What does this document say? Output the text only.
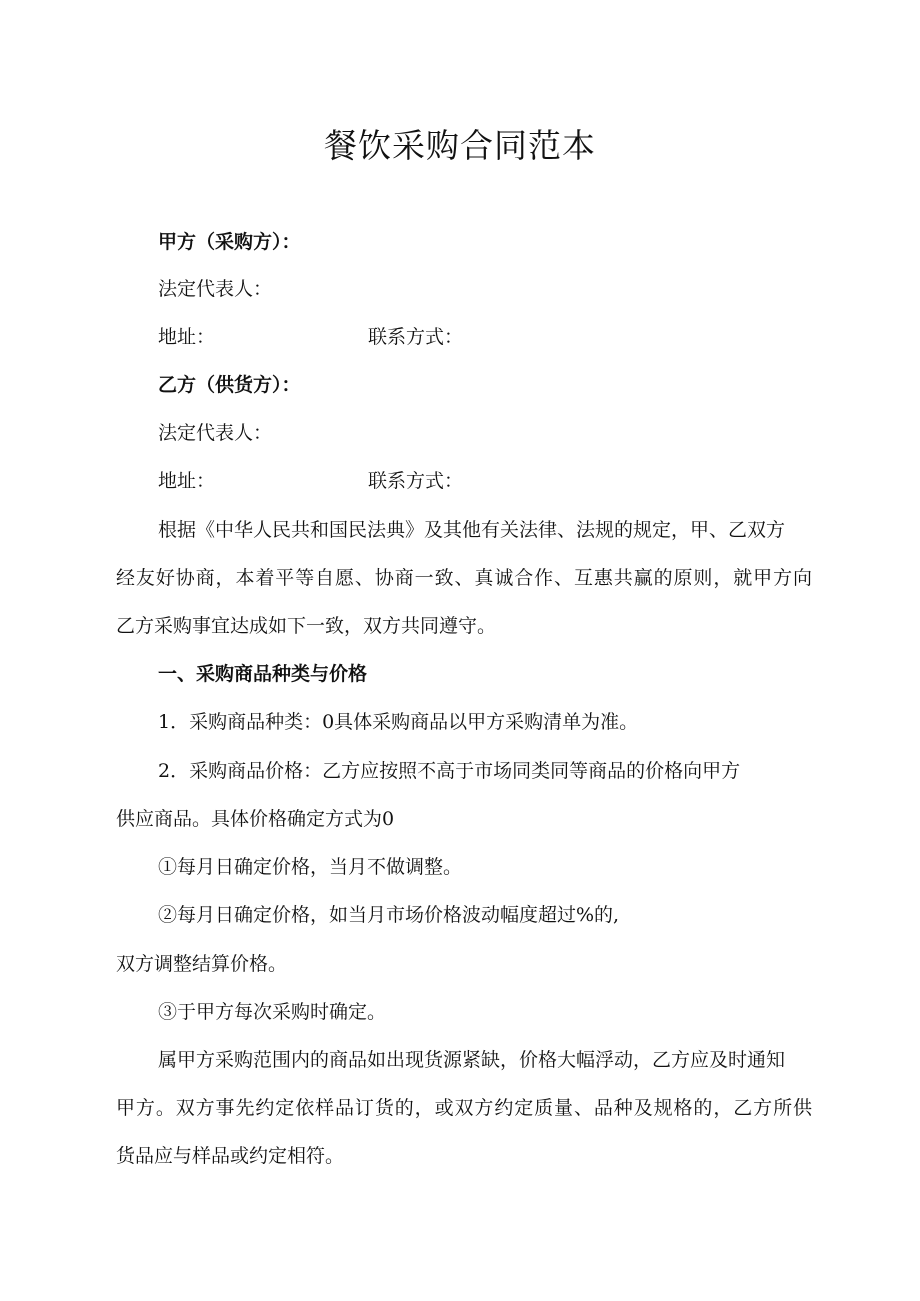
餐饮采购合同范本
甲方（采购方）：
法定代表人：
地址：	联系方式：
乙方（供货方）：
法定代表人：
地址：	联系方式：
根据《中华人民共和国民法典》及其他有关法律、法规的规定，甲、乙双方
经友好协商，本着平等自愿、协商一致、真诚合作、互惠共赢的原则，就甲方向
乙方采购事宜达成如下一致，双方共同遵守。
一、采购商品种类与价格
1．采购商品种类：0具体采购商品以甲方采购清单为准。
2．采购商品价格：乙方应按照不高于市场同类同等商品的价格向甲方
供应商品。具体价格确定方式为0
①每月日确定价格，当月不做调整。
②每月日确定价格，如当月市场价格波动幅度超过%的,
双方调整结算价格。
③于甲方每次采购时确定。
属甲方采购范围内的商品如出现货源紧缺，价格大幅浮动，乙方应及时通知
甲方。双方事先约定依样品订货的，或双方约定质量、品种及规格的，乙方所供
货品应与样品或约定相符。
